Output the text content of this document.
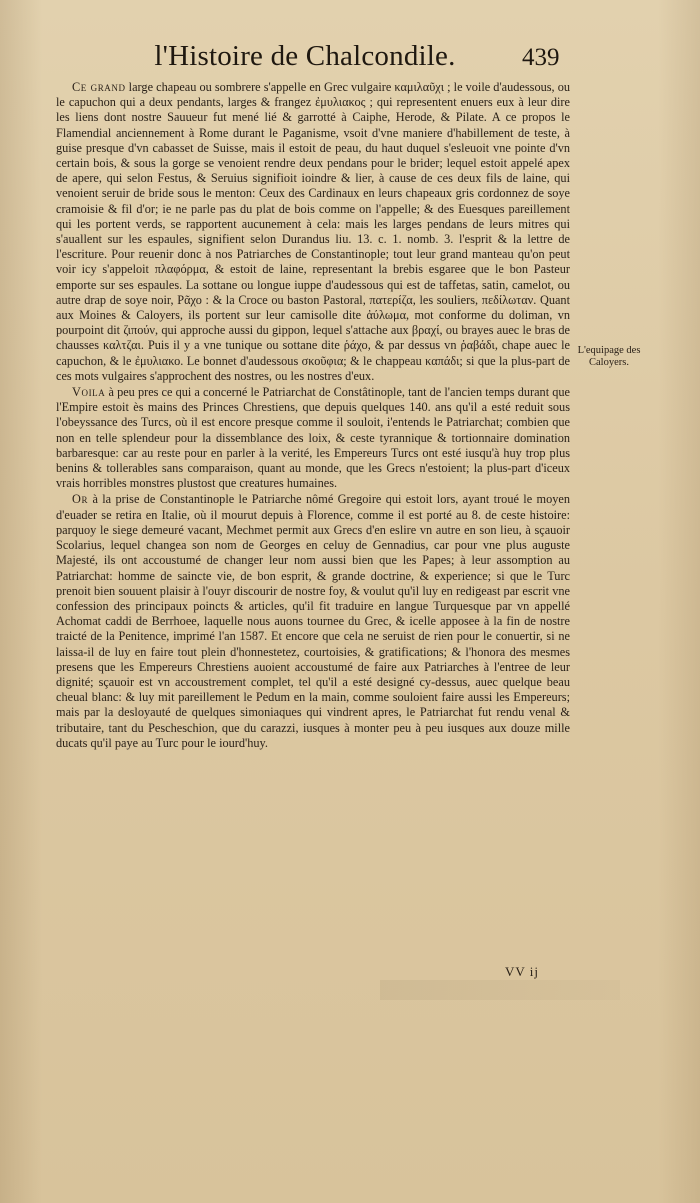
l'Histoire de Chalcondile.	439

Ce grand large chapeau ou sombrere s'appelle en Grec vulgaire καμιλαῦχι ; le voile d'audessous, ou le capuchon qui a deux pendants, larges & frangez ἐμυλιακος ; qui representent enuers eux à leur dire les liens dont nostre Sauueur fut mené lié & garrotté à Caiphe, Herode, & Pilate. A ce propos le Flamendial anciennement à Rome durant le Paganisme, vsoit d'vne maniere d'habillement de teste, à guise presque d'vn cabasset de Suisse, mais il estoit de peau, du haut duquel s'esleuoit vne pointe d'vn certain bois, & sous la gorge se venoient rendre deux pendans pour le brider; lequel estoit appelé apex de apere, qui selon Festus, & Seruius signifioit ioindre & lier, à cause de ces deux fils de laine, qui venoient seruir de bride sous le menton: Ceux des Cardinaux en leurs chapeaux gris cordonnez de soye cramoisie & fil d'or; ie ne parle pas du plat de bois comme on l'appelle; & des Euesques pareillement qui les portent verds, se rapportent aucunement à cela: mais les larges pendans de leurs mitres qui s'auallent sur les espaules, signifient selon Durandus liu. 13. c. 1. nomb. 3. l'esprit & la lettre de l'escriture. Pour reuenir donc à nos Patriarches de Constantinople; tout leur grand manteau qu'on peut voir icy s'appeloit πλαφόρμα, & estoit de laine, representant la brebis esgaree que le bon Pasteur emporte sur ses espaules. La sottane ou longue iuppe d'audessous qui est de taffetas, satin, camelot, ou autre drap de soye noir, Ρᾶχο : & la Croce ou baston Pastoral, πατερίζα, les souliers, πεδίλωταν. Quant aux Moines & Caloyers, ils portent sur leur camisolle dite ἀύλωμα, mot conforme du doliman, vn pourpoint dit ζιπούν, qui approche aussi du gippon, lequel s'attache aux βραχί, ou brayes auec le bras de chausses καλτζαι. Puis il y a vne tunique ou sottane dite ῥάχο, & par dessus vn ῥαβάδι, chape auec le capuchon, & le ἐμυλιακο. Le bonnet d'audessous σκοῦφια; & le chappeau καπάδι; si que la plus-part de ces mots vulgaires s'approchent des nostres, ou les nostres d'eux.

Voila à peu pres ce qui a concerné le Patriarchat de Constâtinople, tant de l'ancien temps durant que l'Empire estoit ès mains des Princes Chrestiens, que depuis quelques 140. ans qu'il a esté reduit sous l'obeyssance des Turcs, où il est encore presque comme il souloit, i'entends le Patriarchat; combien que non en telle splendeur pour la dissemblance des loix, & ceste tyrannique & tortionnaire domination barbaresque: car au reste pour en parler à la verité, les Empereurs Turcs ont esté iusqu'à huy trop plus benins & tollerables sans comparaison, quant au monde, que les Grecs n'estoient; la plus-part d'iceux vrais horribles monstres plustost que creatures humaines.

Or à la prise de Constantinople le Patriarche nômé Gregoire qui estoit lors, ayant troué le moyen d'euader se retira en Italie, où il mourut depuis à Florence, comme il est porté au 8. de ceste histoire: parquoy le siege demeuré vacant, Mechmet permit aux Grecs d'en eslire vn autre en son lieu, à sçauoir Scolarius, lequel changea son nom de Georges en celuy de Gennadius, car pour vne plus auguste Majesté, ils ont accoustumé de changer leur nom aussi bien que les Papes; à leur assomption au Patriarchat: homme de saincte vie, de bon esprit, & grande doctrine, & experience; si que le Turc prenoit bien souuent plaisir à l'ouyr discourir de nostre foy, & voulut qu'il luy en redigeast par escrit vne confession des principaux poincts & articles, qu'il fit traduire en langue Turquesque par vn appellé Achomat caddi de Berrhoee, laquelle nous auons tournee du Grec, & icelle apposee à la fin de nostre traicté de la Penitence, imprimé l'an 1587. Et encore que cela ne seruist de rien pour le conuertir, si ne laissa-il de luy en faire tout plein d'honnestetez, courtoisies, & gratifications; & l'honora des mesmes presens que les Empereurs Chrestiens auoient accoustumé de faire aux Patriarches à l'entree de leur dignité; sçauoir est vn accoustrement complet, tel qu'il a esté designé cy-dessus, auec quelque beau cheual blanc: & luy mit pareillement le Pedum en la main, comme souloient faire aussi les Empereurs; mais par la desloyauté de quelques simoniaques qui vindrent apres, le Patriarchat fut rendu venal & tributaire, tant du Pescheschion, que du carazzi, iusques à monter peu à peu iusques aux douze mille ducats qu'il paye au Turc pour le iourd'huy.

L'equipage des Caloyers.
VV ij
